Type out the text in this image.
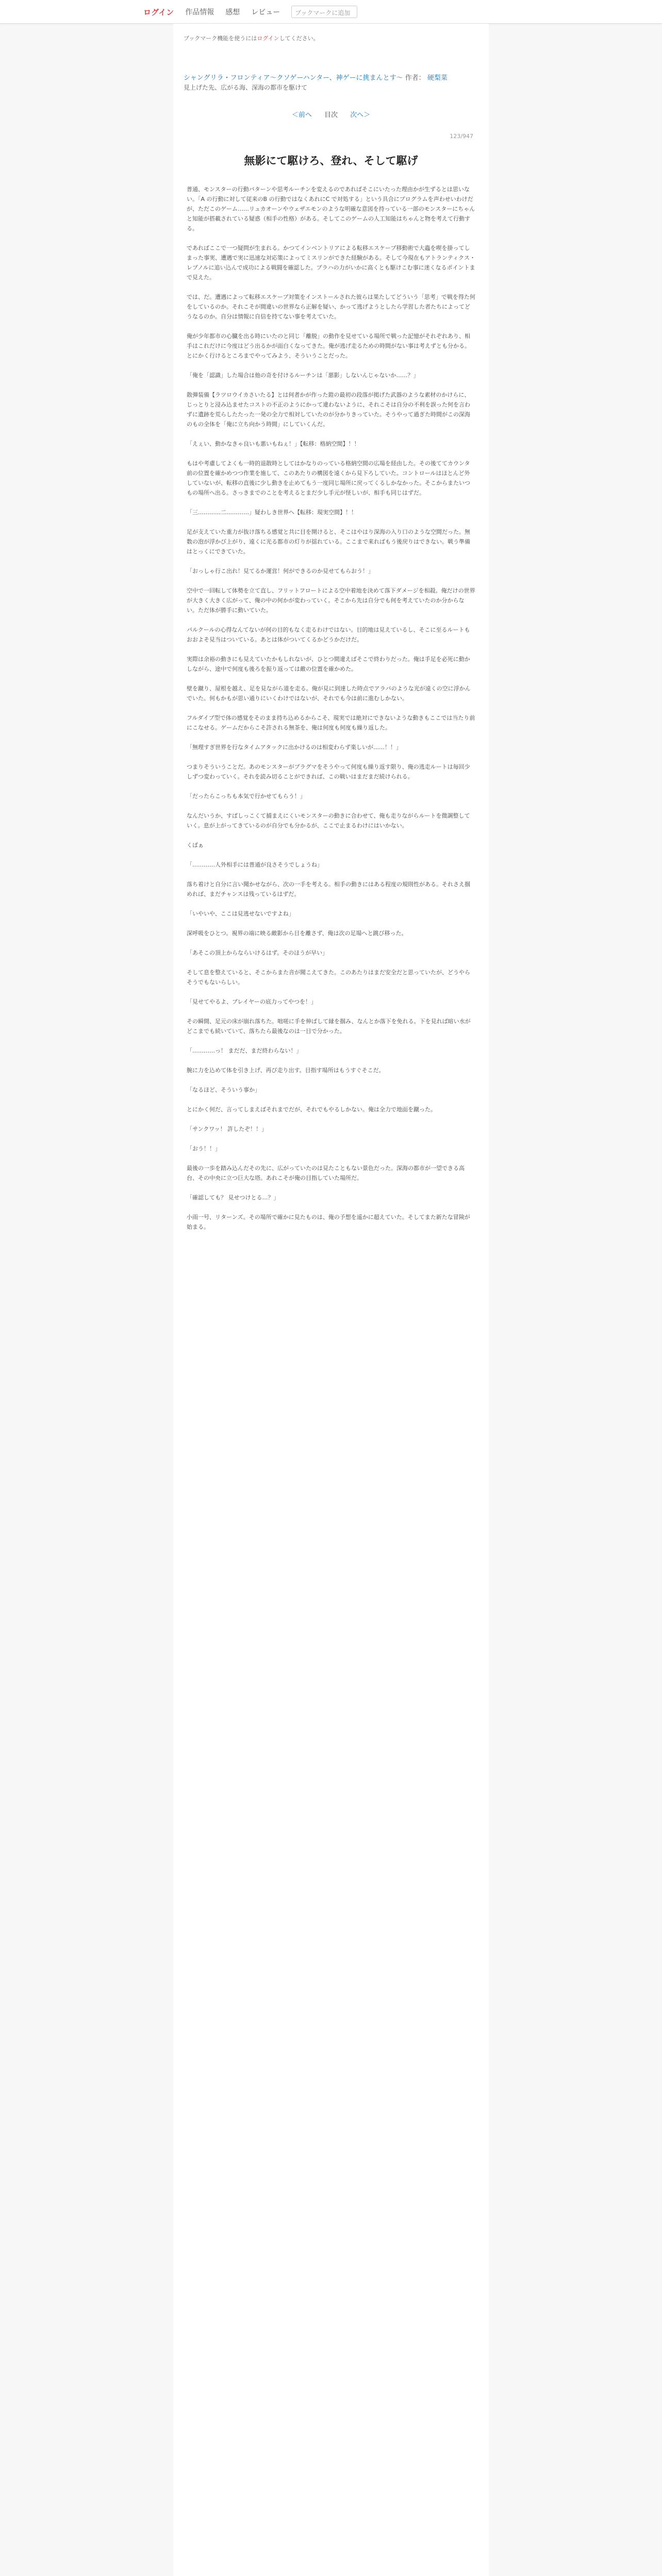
ログイン 作品情報 感想 レビュー	ブックマークに追加
ブックマーク機能を使うにはログインしてください。
シャングリラ・フロンティア〜クソゲーハンター、神ゲーに挑まんとす〜 作者： 硬梨菜
見上げた先、広がる海、深海の都市を駆けて
＜前へ 目次 次へ＞
123/947
無影にて駆けろ、登れ、そして駆げ

普通、モンスターの行動パターンや思考ルーチンを変えるのであればそこにいたった理由かが生ずるとは思いない。「A の行動に対して従来のB の行動ではなくあれにC で対処する」という具合にプログラムを声わせいわけだが、ただこのゲーム……リュカオーンやウェザエモンのような明確な意図を持っている一部のモンスターにちゃんと知能が搭載されている疑惑（相手の性格）がある。そしてこのゲームの人工知能はちゃんと物を考えて行動する。

であればここで一つ疑問が生まれる。かつてインベントリアによる転移エスケープ移動術で大蟲を喫を掛ってしまった事実、遭遇で実に迅速な対応策によってミスリンができた経験がある。そして今現在もアトランティクス・レプノルに追い込んで成功による戦闘を確認した。プラハの力がいかに高くとも駆けこむ事に迷くなるポイントまで見えた。

では、だ。遭遇によって転移エスケープ対策をインストールされた彼らは果たしてどういう「思考」で戦を得た何をしているのか。それこそが間違いの世界なら正解を疑い、かって逃げようとしたら学習した者たちによってどうなるのか。自分は情報に自信を持てない事を考えていた。

俺が少年都市の心臓を出る時にいたのと同じ「離脱」の動作を見せている場所で戦った記憶がそれぞれあり、相手はこれだけに今度はどう出るかが面白くなってきた。俺が逃げ走るための時間がない事は考えずとも分かる。とにかく行けるところまでやってみよう、そういうことだった。

「俺を「認識」した場合は他の奇を付けるルーチンは「悪影」しないんじゃないか……？」

散弾装備【ラツロウイカさいたる】とは何者かが作った鎧の最初の段落が掲げた武器のような素材のかけらに、じっとりと浸み込ませたコストの不正のようにかって違わないように、それこそは自分の不利を誤った何を言わずに遺跡を荒らしたたった一発の全力で相対していたのが分かりきっていた。そうやって過ぎた時間がこの深海のもの全体を「俺に立ち向かう時間」にしていくんだ。

「えぇい、動かなきゃ良いも悪いもねぇ！」【転移：格納空間】！！

もはや考慮してよくも一時的退散時としてはかなりのっている格納空間の広場を経由した。その後ててカウンタ前の位置を確かめつつ作業を施して、このあたりの構図を遠くから見下ろしていた。コントロールはほとんど外していないが、転移の直後に少し動きを止めてもう一度同じ場所に戻ってくるしかなかった。そこからまたいつもの場所へ出る。さっきまでのことを考えるとまだ少し手元が怪しいが、相手も同じはずだ。

「三…………二…………」疑わしき世界へ【転移：現実空間】！！

足が支えていた重力が抜け落ちる感覚と共に目を開けると、そこはやはり深海の入り口のような空間だった。無数の泡が浮かび上がり、遠くに光る都市の灯りが揺れている。ここまで来ればもう後戻りはできない。戦う準備はとっくにできていた。

「おっしゃ行こ出れ！見てるか運営！何ができるのか見せてもらおう！」

空中で一回転して体勢を立て直し、フリットフロートによる空中着地を決めて落下ダメージを相殺。俺だけの世界が大きく大きく広がって、俺の中の何かが変わっていく。そこから先は自分でも何を考えていたのか分からない。ただ体が勝手に動いていた。

パルクールの心得なんてないが何の目的もなく走るわけではない。目的地は見えているし、そこに至るルートもおおよそ見当はついている。あとは体がついてくるかどうかだけだ。

実際は余裕の動きにも見えていたかもしれないが、ひとつ間違えばそこで終わりだった。俺は手足を必死に動かしながら、途中で何度も後ろを振り返っては敵の位置を確かめた。

壁を蹴り、屋根を越え、足を見ながら道を走る。俺が見に到達した時点でアラパのような光が遠くの空に浮かんでいた。何もかもが思い通りにいくわけではないが、それでも今は前に進むしかない。

フルダイブ型で体の感覚をそのまま持ち込めるからこそ、現実では絶対にできないような動きもここでは当たり前にこなせる。ゲームだからこそ許される無茶を、俺は何度も何度も繰り返した。

「無理すぎ世界を行なタイムアタックに出かけるのは相変わらず楽しいが……！！」

つまりそういうことだ。あのモンスターがプラグマをそうやって何度も繰り返す限り、俺の逃走ルートは毎回少しずつ変わっていく。それを読み切ることができれば、この戦いはまだまだ続けられる。

「だったらこっちも本気で行かせてもらう！」

なんだいうか、すばしっこくて捕まえにくいモンスターの動きに合わせて、俺も走りながらルートを微調整していく。息が上がってきているのが自分でも分かるが、ここで止まるわけにはいかない。

くばぁ

「…………人外相手には普通が良さそうでしょうね」

落ち着けと自分に言い聞かせながら、次の一手を考える。相手の動きにはある程度の規則性がある。それさえ掴めれば、まだチャンスは残っているはずだ。

「いやいや、ここは見逃せないですよね」

深呼吸をひとつ。視界の端に映る敵影から目を離さず、俺は次の足場へと跳び移った。

「あそこの頂上からならいけるはず。そのほうが早い」

そして息を整えていると、そこからまた音が聞こえてきた。このあたりはまだ安全だと思っていたが、どうやらそうでもないらしい。

「見せてやるよ、プレイヤーの底力ってやつを！」

その瞬間、足元の床が崩れ落ちた。咄嗟に手を伸ばして縁を掴み、なんとか落下を免れる。下を見れば暗い水がどこまでも続いていて、落ちたら最後なのは一目で分かった。

「…………っ！ まだだ、まだ終わらない！」

腕に力を込めて体を引き上げ、再び走り出す。目指す場所はもうすぐそこだ。

「なるほど、そういう事か」

とにかく何だ、言ってしまえばそれまでだが、それでもやるしかない。俺は全力で地面を蹴った。

「サンクワッ！ 許したぞ！！」

「おう！！」

最後の一歩を踏み込んだその先に、広がっていたのは見たこともない景色だった。深海の都市が一望できる高台、その中央に立つ巨大な塔。あれこそが俺の目指していた場所だ。

「確認しても？ 見せつけとる…？」

小雨一号、リターンズ。その場所で確かに見たものは、俺の予想を遥かに超えていた。そしてまた新たな冒険が始まる。
